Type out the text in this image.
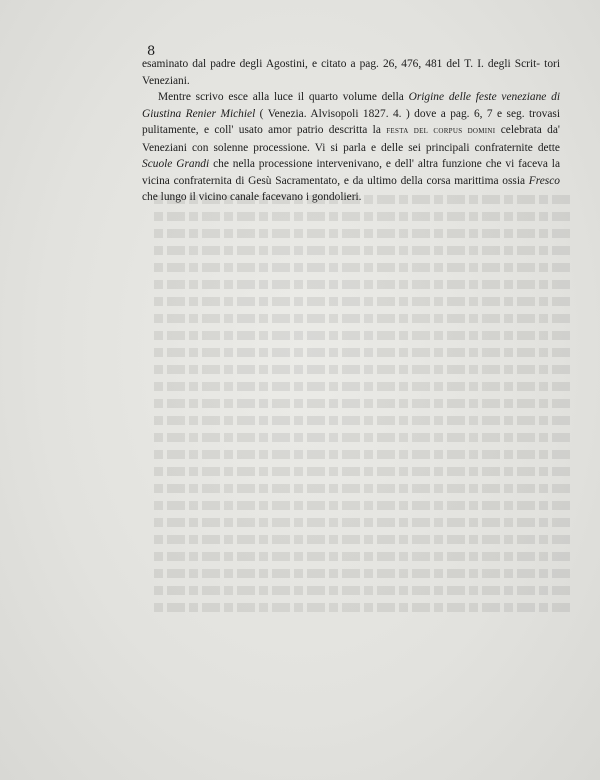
8

esaminato dal padre degli Agostini, e citato a pag. 26, 476, 481 del T. I. degli Scrit- tori Veneziani.

Mentre scrivo esce alla luce il quarto volume della Origine delle feste veneziane di Giustina Renier Michiel ( Venezia. Alvisopoli 1827. 4. ) dove a pag. 6, 7 e seg. trovasi pulitamente, e coll' usato amor patrio descritta la festa del corpus domini celebrata da' Veneziani con solenne processione. Vi si parla e delle sei principali confraternite dette Scuole Grandi che nella processione intervenivano, e dell' altra funzione che vi faceva la vicina confraternita di Gesù Sacramentato, e da ultimo della corsa marittima ossia Fresco che lungo il vicino canale facevano i gondolieri.
